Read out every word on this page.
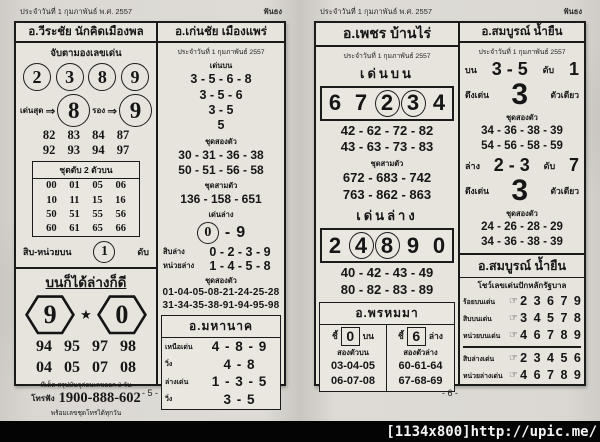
ประจำวันที่ 1 กุมภาพันธ์ พ.ศ. 2557	ฟันธง
อ.วีระชัย นักคิดเมืองพล
จับตามองเลขเด่น
2	3	8	9
เด่นสุด ⇒ 8	รอง ⇒ 9
82 83 84 87
92 93 94 97
ชุดดับ 2 ตัวบน
00 01 05 06
10 11 15 16
50 51 55 56
60 61 65 66
สิบ-หน่วยบน	1	ดับ
บนก็ได้ล่างก็ดี
9 ★ 0
94 95 97 98
04 05 07 08
ทีเด็ด สรุปมันจุก่อนเลขออก 3 วัน
โทรฟัง 1900-888-602
พร้อมเลขชุดโทรได้ทุกวัน
อ.เก่นชัย เมืองแพร่
ประจำวันที่ 1 กุมภาพันธ์ 2557
เด่นบน
3 - 5 - 6 - 8
3 - 5 - 6
3 - 5
5
ชุดสองตัว
30 - 31 - 36 - 38
50 - 51 - 56 - 58
ชุดสามตัว
136 - 158 - 651
เด่นล่าง
0 - 9
สิบล่าง	0 - 2 - 3 - 9
หน่วยล่าง	1 - 4 - 5 - 8
ชุดสองตัว
01-04-05-08-21-24-25-28
31-34-35-38-91-94-95-98
อ.มหานาค
เหนือเด่น	4 - 8 - 9
วิ่ง	4 - 8
ล่างเด่น	1 - 3 - 5
วิ่ง	3 - 5
- 5 -
ประจำวันที่ 1 กุมภาพันธ์ พ.ศ. 2557	ฟันธง
อ.เพชร บ้านไร่
ประจำวันที่ 1 กุมภาพันธ์ 2557
เด่นบน
6 7 2 3 4
42 - 62 - 72 - 82
43 - 63 - 73 - 83
ชุดสามตัว
672 - 683 - 742
763 - 862 - 863
เด่นล่าง
2 4 8 9 0
40 - 42 - 43 - 49
80 - 82 - 83 - 89
อ.พรหมมา
ชี้ 0	บน
สองตัวบน
03-04-05
06-07-08
ชี้ 6	ล่าง
สองตัวล่าง
60-61-64
67-68-69
อ.สมบูรณ์ น้ำยืน
ประจำวันที่ 1 กุมภาพันธ์ 2557
บน 3 - 5 ดับ 1
ดึงเด่น 3	ตัวเดียว
ชุดสองตัว
34 - 36 - 38 - 39
54 - 56 - 58 - 59
ล่าง 2 - 3 ดับ 7
ดึงเด่น 3	ตัวเดียว
ชุดสองตัว
24 - 26 - 28 - 29
34 - 36 - 38 - 39
อ.สมบูรณ์ น้ำยืน
โชว์เลขเด่นปักหลักรัฐบาล
ร้อยบนเด่น	☞ 2 3 6 7 9
สิบบนเด่น	☞ 3 4 5 7 8
หน่วยบนเด่น ☞ 4 6 7 8 9
สิบล่างเด่น	☞ 2 3 4 5 6
หน่วยล่างเด่น ☞ 4 6 7 8 9
- 6 -
[1134x800]http://upic.me/
